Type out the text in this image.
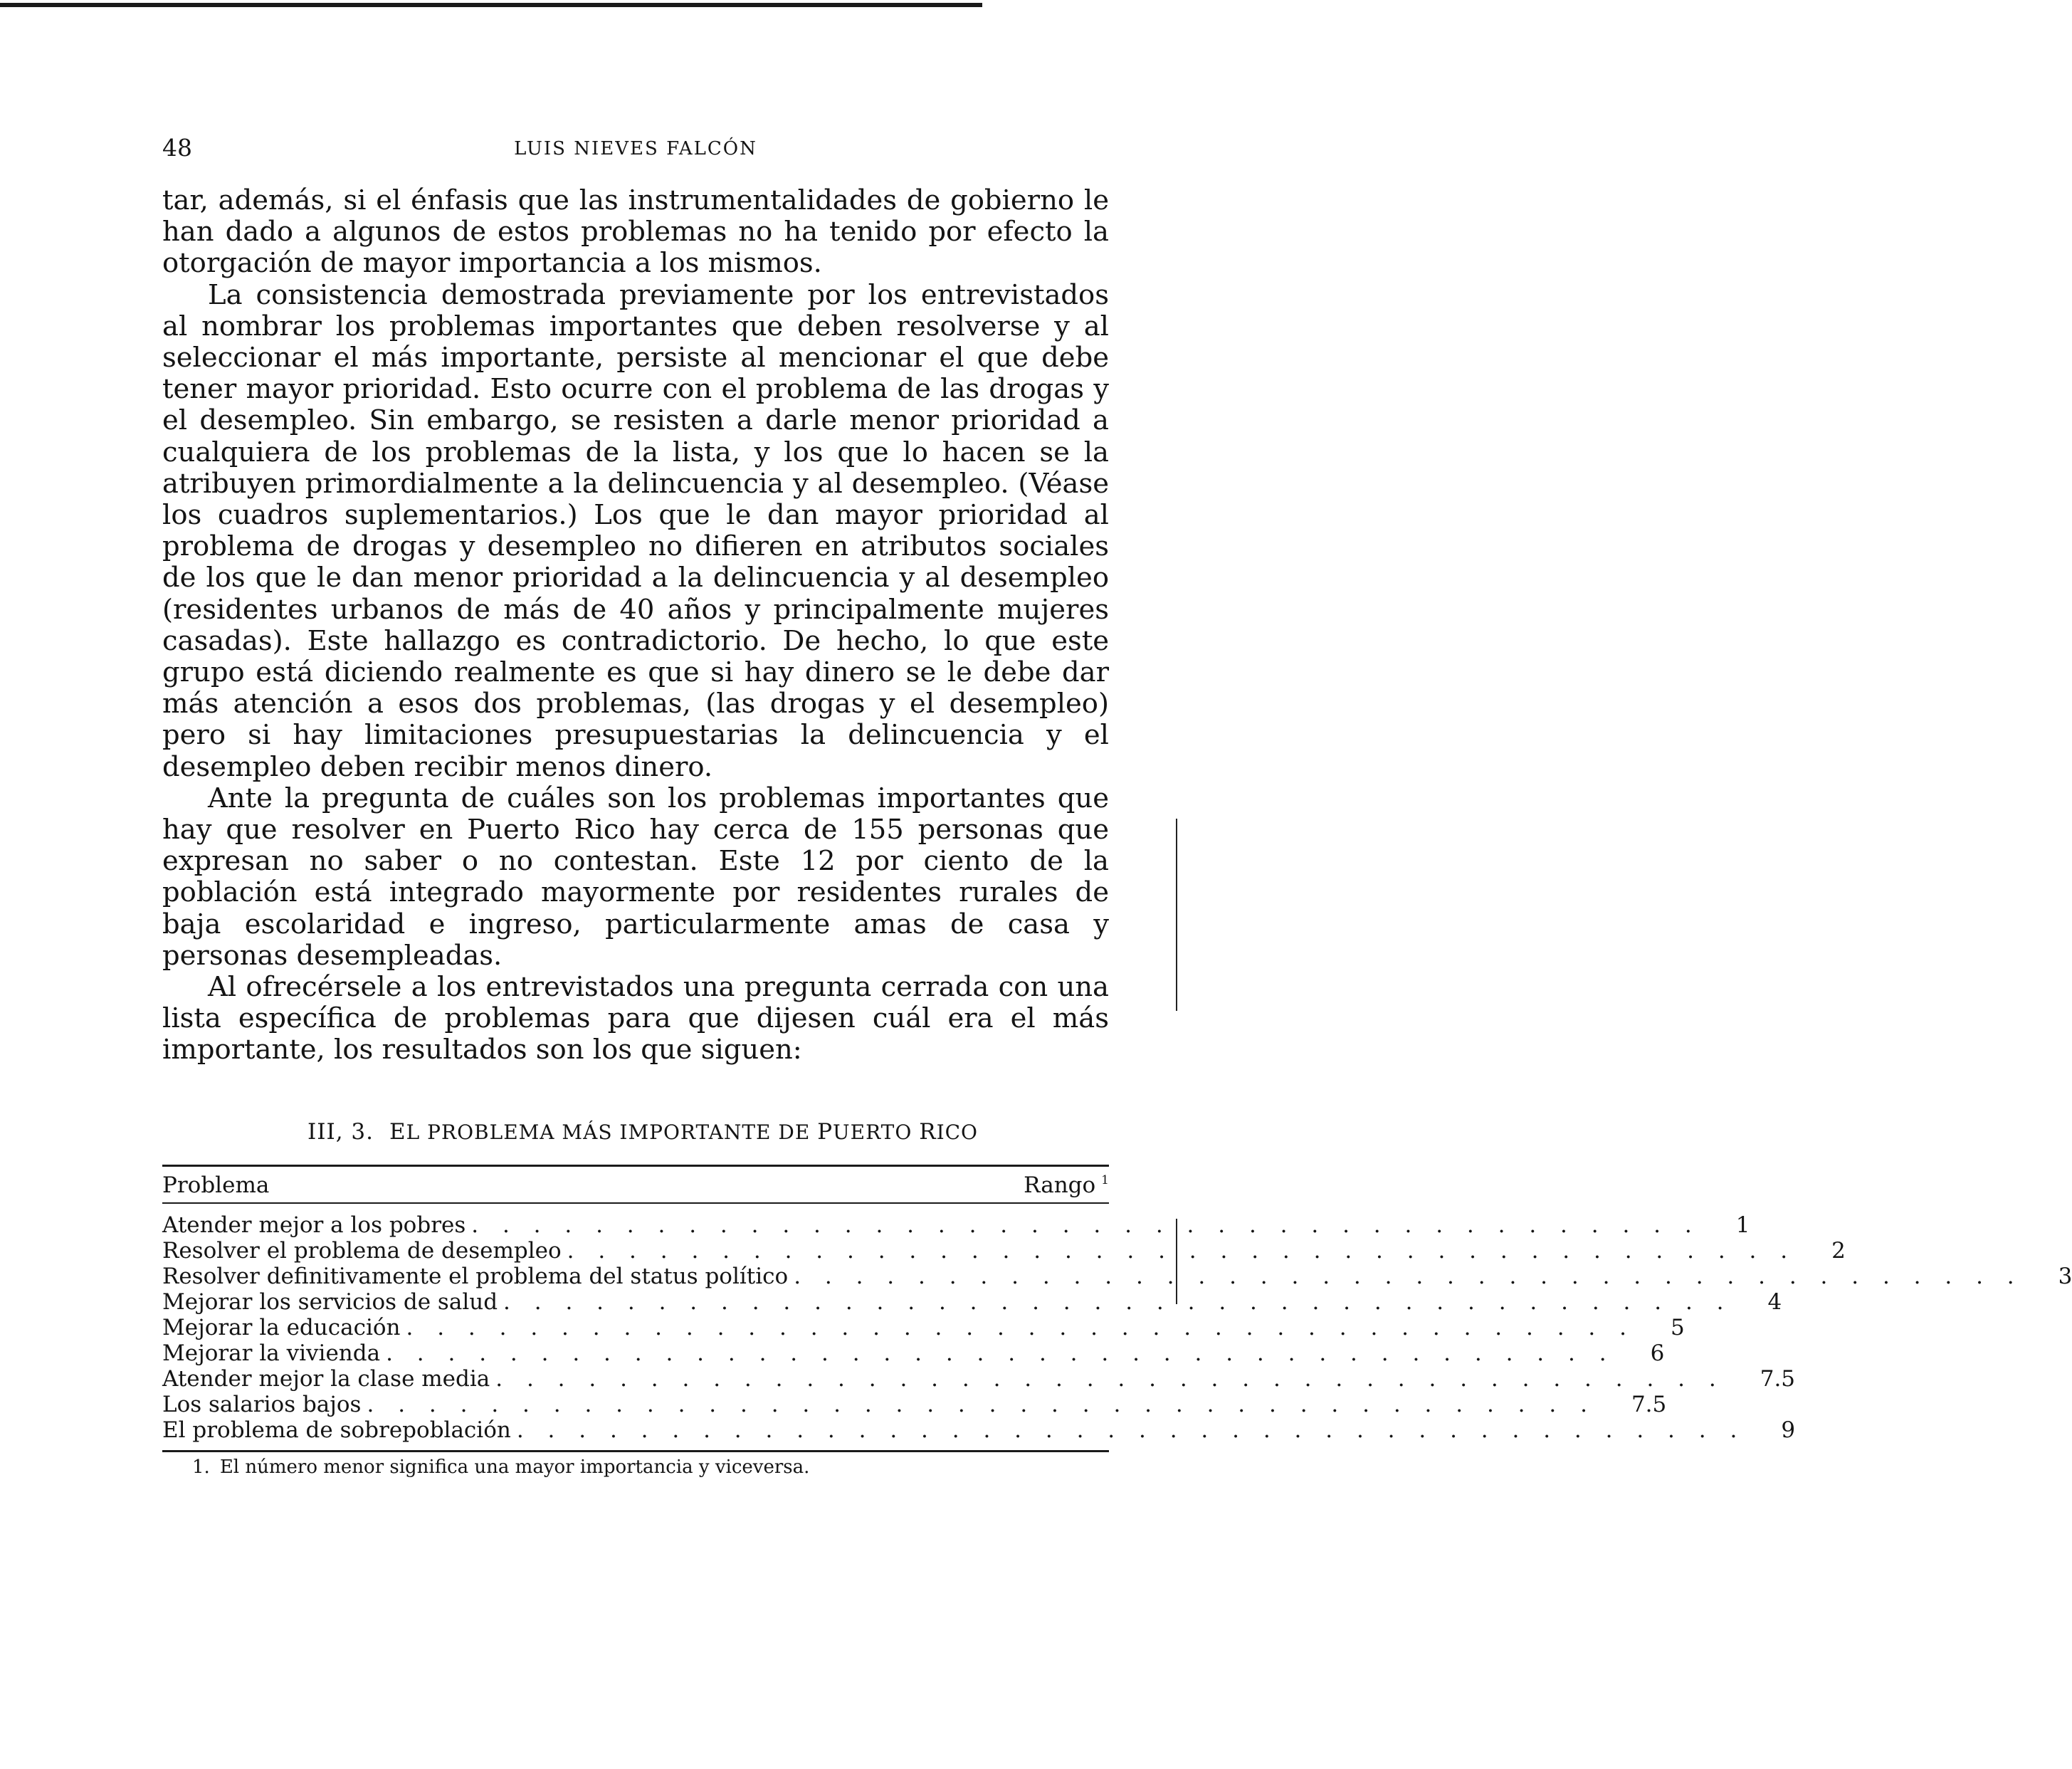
48	LUIS NIEVES FALCÓN

tar, además, si el énfasis que las instrumentalidades de gobierno le han dado a algunos de estos problemas no ha tenido por efecto la otorgación de mayor importancia a los mismos.

La consistencia demostrada previamente por los entrevistados al nombrar los problemas importantes que deben resolverse y al seleccionar el más importante, persiste al mencionar el que debe tener mayor prioridad. Esto ocurre con el problema de las drogas y el desempleo. Sin embargo, se resisten a darle menor prioridad a cualquiera de los problemas de la lista, y los que lo hacen se la atribuyen primordialmente a la delincuencia y al desempleo. (Véase los cuadros suplementarios.) Los que le dan mayor prioridad al problema de drogas y desempleo no difieren en atributos sociales de los que le dan menor prioridad a la delincuencia y al desempleo (residentes urbanos de más de 40 años y principalmente mujeres casadas). Este hallazgo es contradictorio. De hecho, lo que este grupo está diciendo realmente es que si hay dinero se le debe dar más atención a esos dos problemas, (las drogas y el desempleo) pero si hay limitaciones presupuestarias la delincuencia y el desempleo deben recibir menos dinero.

Ante la pregunta de cuáles son los problemas importantes que hay que resolver en Puerto Rico hay cerca de 155 personas que expresan no saber o no contestan. Este 12 por ciento de la población está integrado mayormente por residentes rurales de baja escolaridad e ingreso, particularmente amas de casa y personas desempleadas.

Al ofrecérsele a los entrevistados una pregunta cerrada con una lista específica de problemas para que dijesen cuál era el más importante, los resultados son los que siguen:

III, 3. EL PROBLEMA MÁS IMPORTANTE DE PUERTO RICO
Problema	Rango $^1$
Atender mejor a los pobres . . . . . . . . . . . . . . . . . . . . . . . . . . . . . . . . . . . . . . . .	1
Resolver el problema de desempleo . . . . . . . . . . . . . . . . . . . . . . . . . . . . . . . . . . . . . . . .	2
Resolver definitivamente el problema del status político . . . . . . . . . . . . . . . . . . . . . . . . . . . . . . . . . . . . . . . .	3
Mejorar los servicios de salud . . . . . . . . . . . . . . . . . . . . . . . . . . . . . . . . . . . . . . . .	4
Mejorar la educación . . . . . . . . . . . . . . . . . . . . . . . . . . . . . . . . . . . . . . . .	5
Mejorar la vivienda . . . . . . . . . . . . . . . . . . . . . . . . . . . . . . . . . . . . . . . .	6
Atender mejor la clase media . . . . . . . . . . . . . . . . . . . . . . . . . . . . . . . . . . . . . . . .	7.5
Los salarios bajos . . . . . . . . . . . . . . . . . . . . . . . . . . . . . . . . . . . . . . . .	7.5
El problema de sobrepoblación . . . . . . . . . . . . . . . . . . . . . . . . . . . . . . . . . . . . . . . .	9
1. El número menor significa una mayor importancia y viceversa.
